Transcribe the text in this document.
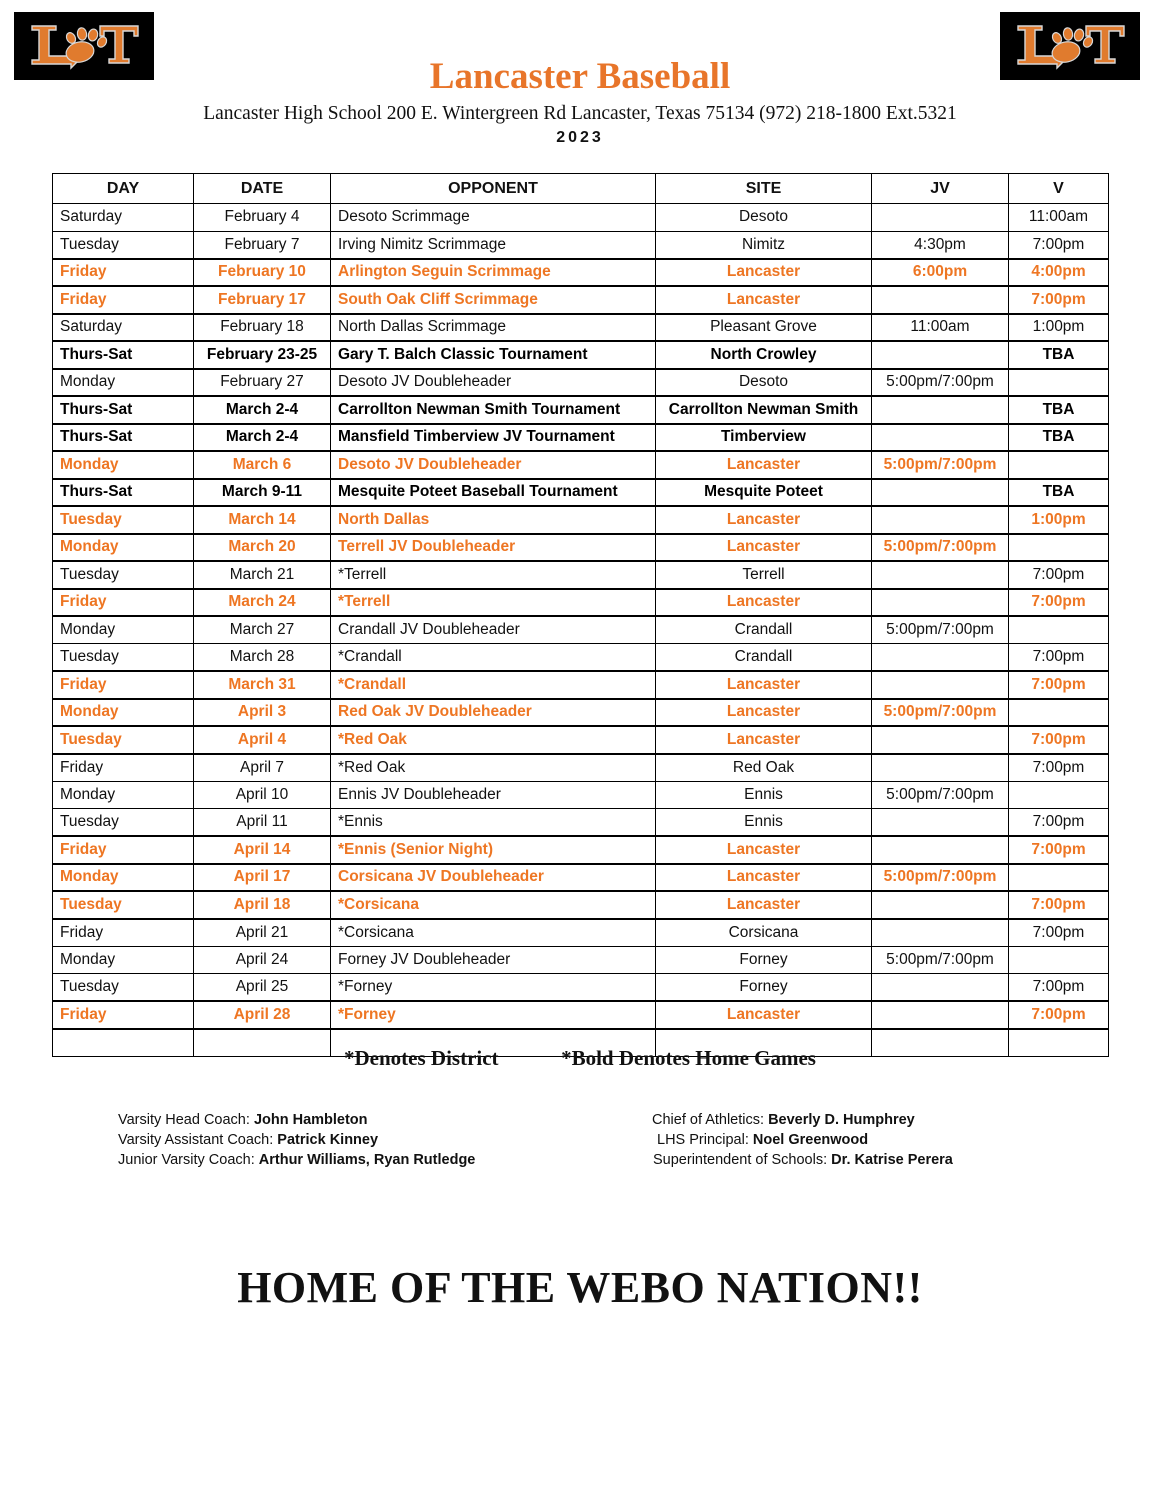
Lancaster Baseball
Lancaster High School 200 E. Wintergreen Rd Lancaster, Texas 75134 (972) 218-1800 Ext.5321
2023
DAY	DATE	OPPONENT	SITE	JV	V
Saturday	February 4	Desoto Scrimmage	Desoto		11:00am
Tuesday	February 7	Irving Nimitz Scrimmage	Nimitz	4:30pm	7:00pm
Friday	February 10	Arlington Seguin Scrimmage	Lancaster	6:00pm	4:00pm
Friday	February 17	South Oak Cliff Scrimmage	Lancaster		7:00pm
Saturday	February 18	North Dallas Scrimmage	Pleasant Grove	11:00am	1:00pm
Thurs-Sat	February 23-25	Gary T. Balch Classic Tournament	North Crowley		TBA
Monday	February 27	Desoto JV Doubleheader	Desoto	5:00pm/7:00pm	
Thurs-Sat	March 2-4	Carrollton Newman Smith Tournament	Carrollton Newman Smith		TBA
Thurs-Sat	March 2-4	Mansfield Timberview JV Tournament	Timberview		TBA
Monday	March 6	Desoto JV Doubleheader	Lancaster	5:00pm/7:00pm	
Thurs-Sat	March 9-11	Mesquite Poteet Baseball Tournament	Mesquite Poteet		TBA
Tuesday	March 14	North Dallas	Lancaster		1:00pm
Monday	March 20	Terrell JV Doubleheader	Lancaster	5:00pm/7:00pm	
Tuesday	March 21	*Terrell	Terrell		7:00pm
Friday	March 24	*Terrell	Lancaster		7:00pm
Monday	March 27	Crandall JV Doubleheader	Crandall	5:00pm/7:00pm	
Tuesday	March 28	*Crandall	Crandall		7:00pm
Friday	March 31	*Crandall	Lancaster		7:00pm
Monday	April 3	Red Oak JV Doubleheader	Lancaster	5:00pm/7:00pm	
Tuesday	April 4	*Red Oak	Lancaster		7:00pm
Friday	April 7	*Red Oak	Red Oak		7:00pm
Monday	April 10	Ennis JV Doubleheader	Ennis	5:00pm/7:00pm	
Tuesday	April 11	*Ennis	Ennis		7:00pm
Friday	April 14	*Ennis (Senior Night)	Lancaster		7:00pm
Monday	April 17	Corsicana JV Doubleheader	Lancaster	5:00pm/7:00pm	
Tuesday	April 18	*Corsicana	Lancaster		7:00pm
Friday	April 21	*Corsicana	Corsicana		7:00pm
Monday	April 24	Forney JV Doubleheader	Forney	5:00pm/7:00pm	
Tuesday	April 25	*Forney	Forney		7:00pm
Friday	April 28	*Forney	Lancaster		7:00pm

*Denotes District	*Bold Denotes Home Games
Varsity Head Coach: John Hambleton
Varsity Assistant Coach: Patrick Kinney
Junior Varsity Coach: Arthur Williams, Ryan Rutledge
Chief of Athletics: Beverly D. Humphrey
LHS Principal: Noel Greenwood
Superintendent of Schools: Dr. Katrise Perera
HOME OF THE WEBO NATION!!
